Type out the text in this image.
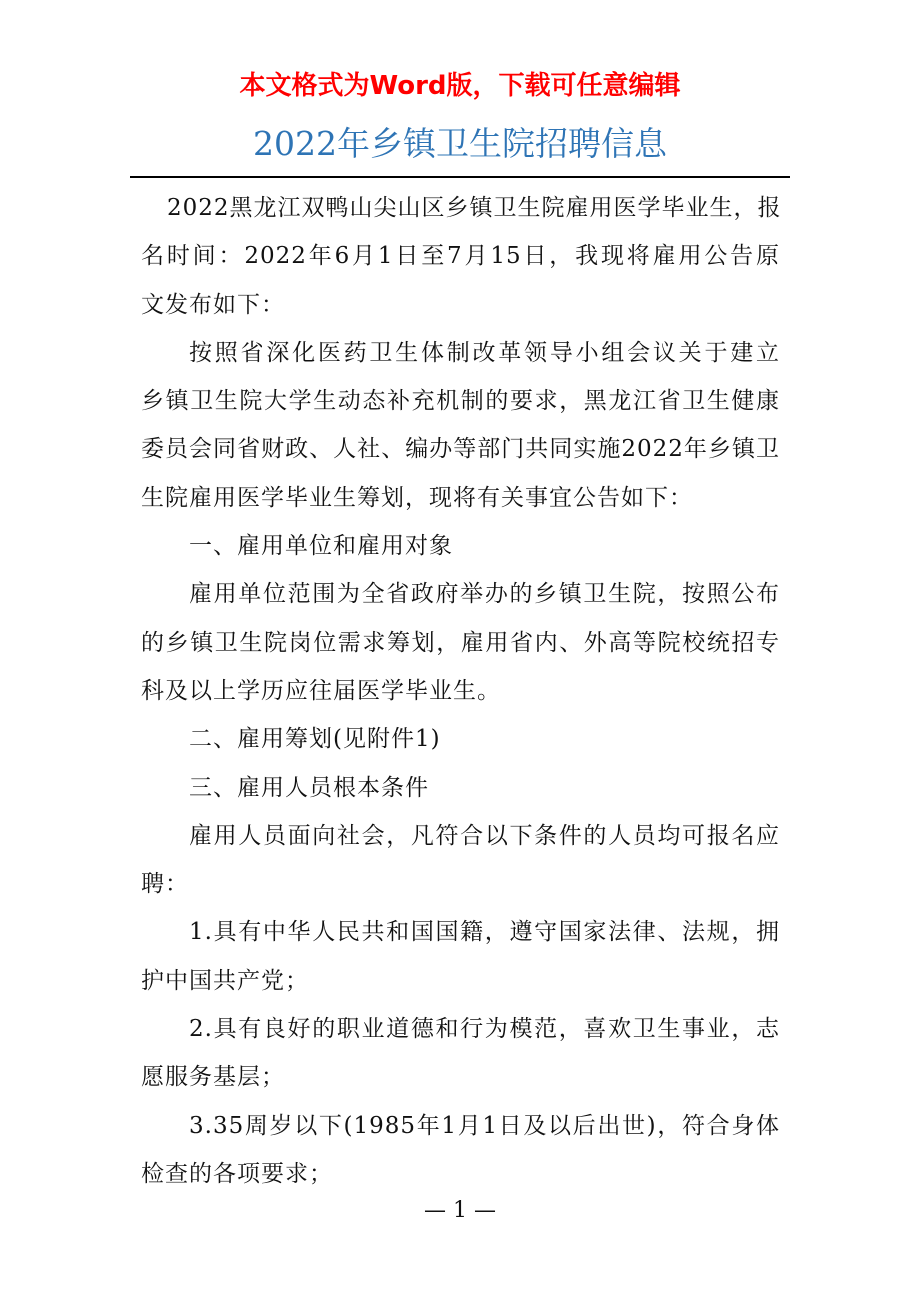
本文格式为Word版，下载可任意编辑
2022年乡镇卫生院招聘信息
2022黑龙江双鸭山尖山区乡镇卫生院雇用医学毕业生，报
名时间：2022年6月1日至7月15日，我现将雇用公告原
文发布如下：
按照省深化医药卫生体制改革领导小组会议关于建立
乡镇卫生院大学生动态补充机制的要求，黑龙江省卫生健康
委员会同省财政、人社、编办等部门共同实施2022年乡镇卫
生院雇用医学毕业生筹划，现将有关事宜公告如下：
一、雇用单位和雇用对象
雇用单位范围为全省政府举办的乡镇卫生院，按照公布
的乡镇卫生院岗位需求筹划，雇用省内、外高等院校统招专
科及以上学历应往届医学毕业生。
二、雇用筹划(见附件1)
三、雇用人员根本条件
雇用人员面向社会，凡符合以下条件的人员均可报名应
聘：
1.具有中华人民共和国国籍，遵守国家法律、法规，拥
护中国共产党；
2.具有良好的职业道德和行为模范，喜欢卫生事业，志
愿服务基层；
3.35周岁以下(1985年1月1日及以后出世)，符合身体
检查的各项要求；
— 1 —
